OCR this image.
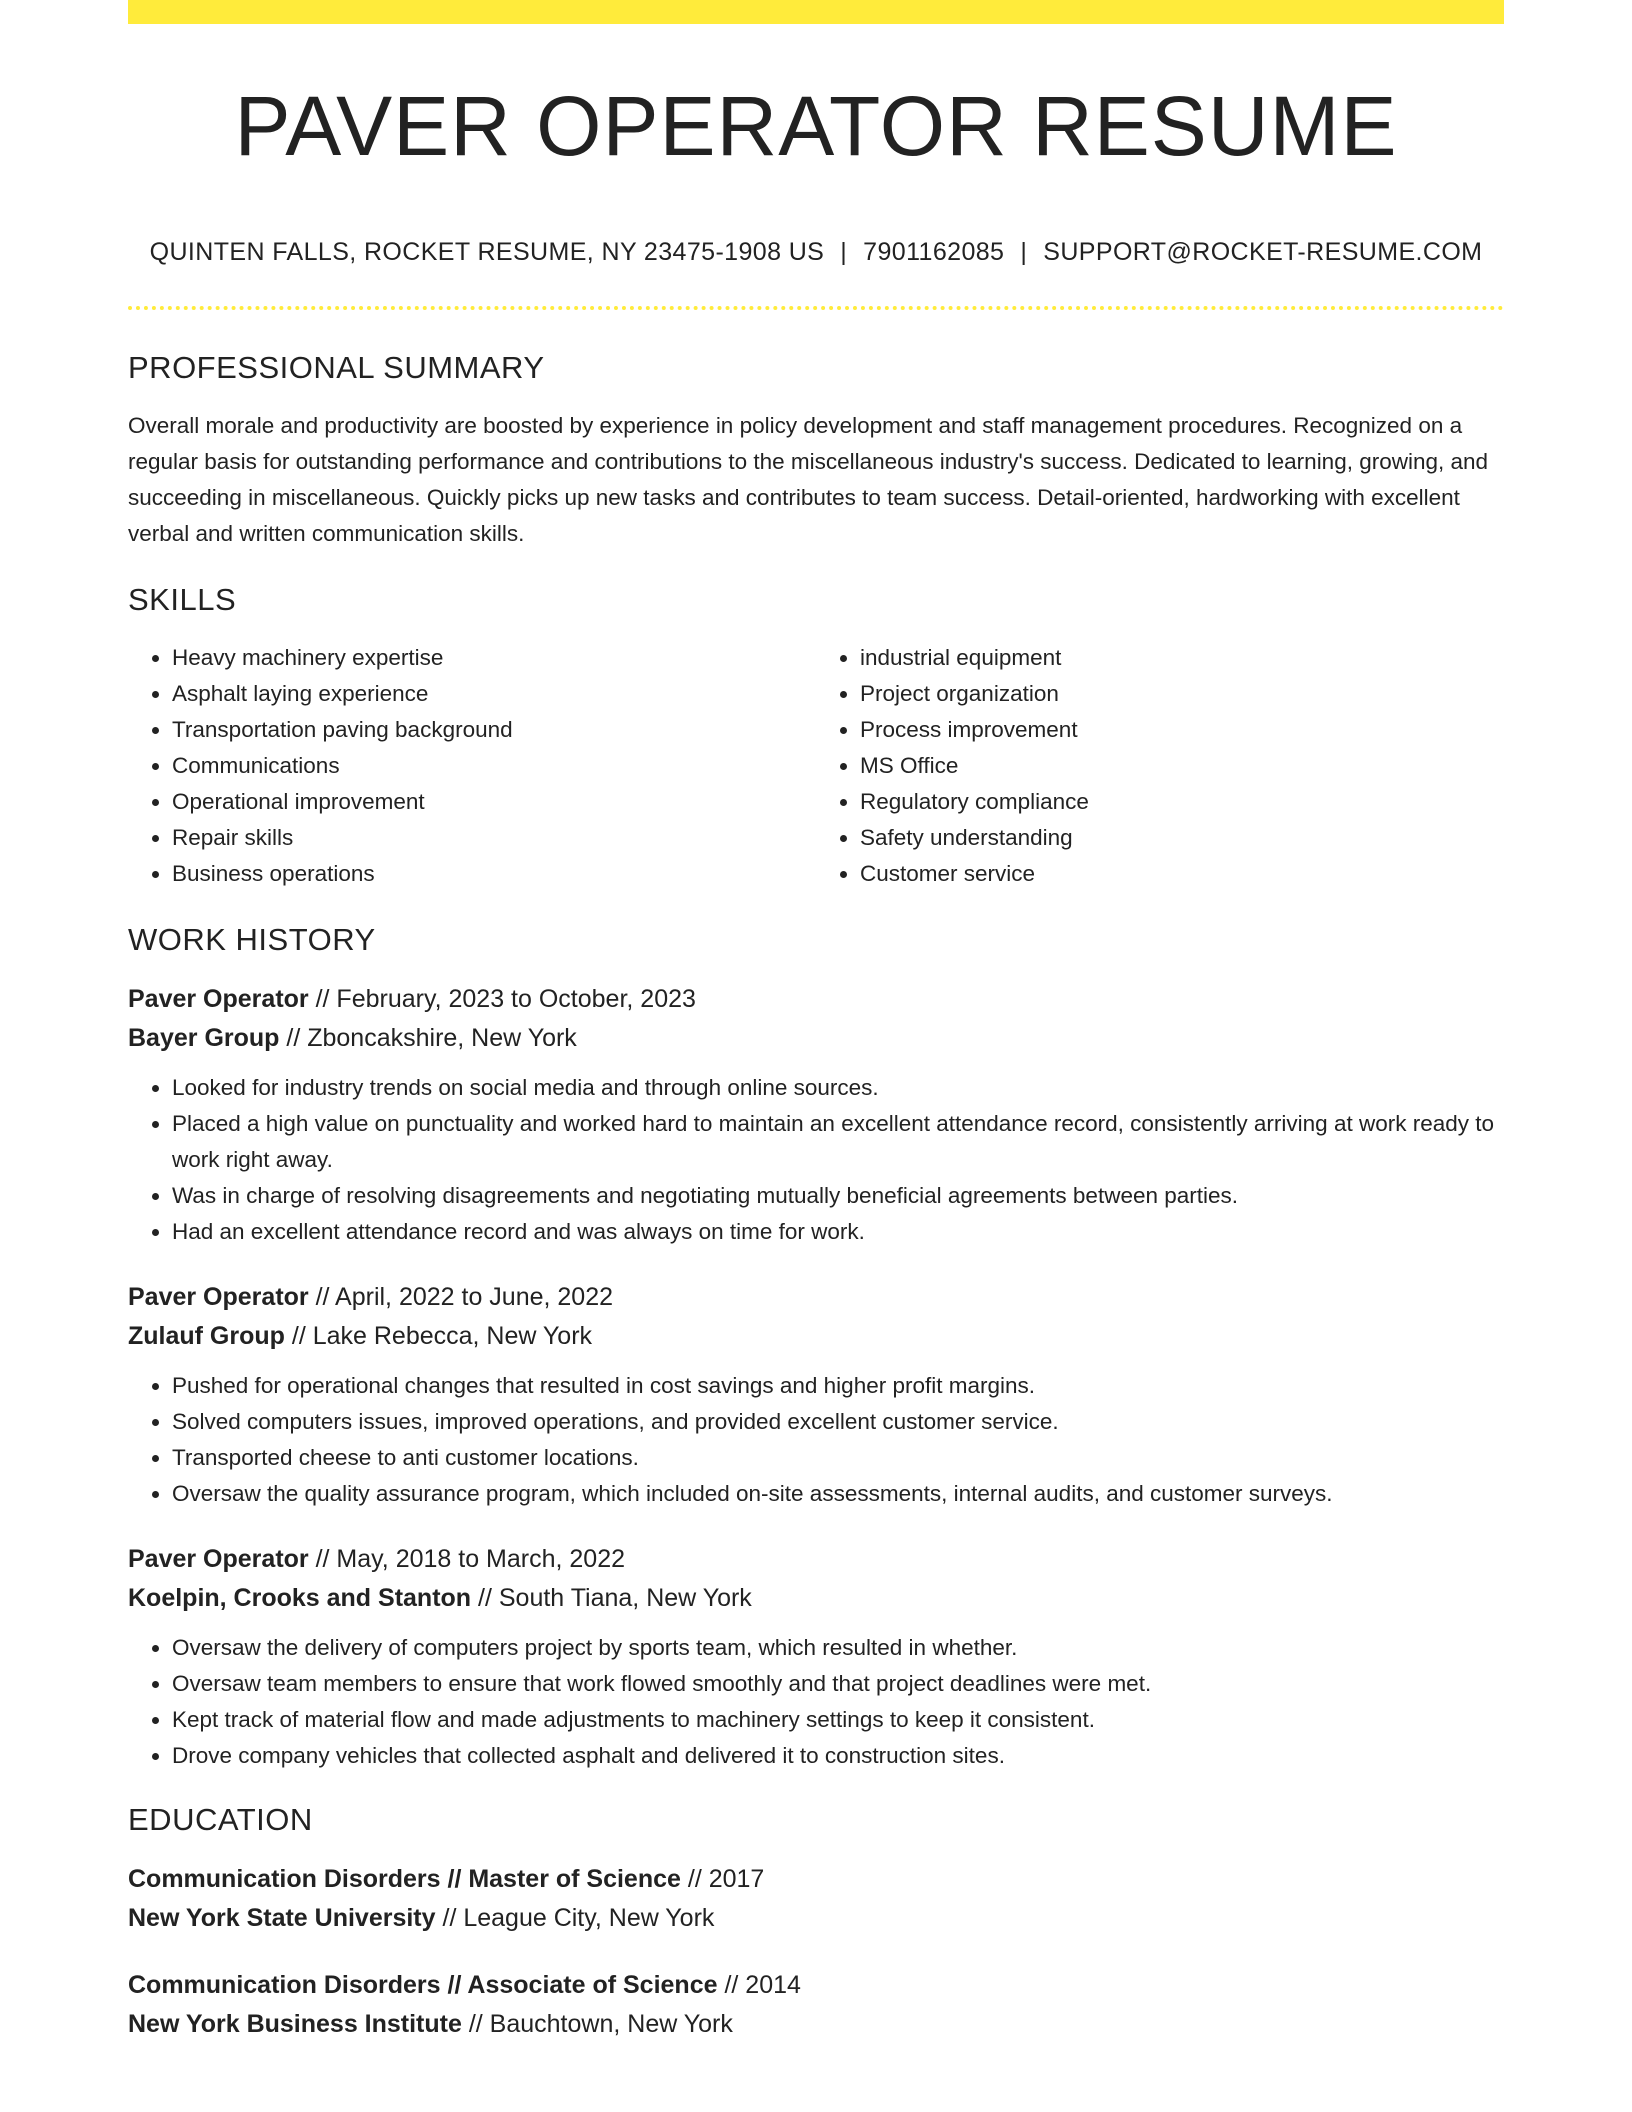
PAVER OPERATOR RESUME
QUINTEN FALLS, ROCKET RESUME, NY 23475-1908 US | 7901162085 | SUPPORT@ROCKET-RESUME.COM
PROFESSIONAL SUMMARY

Overall morale and productivity are boosted by experience in policy development and staff management procedures. Recognized on a regular basis for outstanding performance and contributions to the miscellaneous industry's success. Dedicated to learning, growing, and succeeding in miscellaneous. Quickly picks up new tasks and contributes to team success. Detail-oriented, hardworking with excellent verbal and written communication skills.

SKILLS
• Heavy machinery expertise
• Asphalt laying experience
• Transportation paving background
• Communications
• Operational improvement
• Repair skills
• Business operations
• industrial equipment
• Project organization
• Process improvement
• MS Office
• Regulatory compliance
• Safety understanding
• Customer service
WORK HISTORY
Paver Operator // February, 2023 to October, 2023
Bayer Group // Zboncakshire, New York
• Looked for industry trends on social media and through online sources.
• Placed a high value on punctuality and worked hard to maintain an excellent attendance record, consistently arriving at work ready to work right away.
• Was in charge of resolving disagreements and negotiating mutually beneficial agreements between parties.
• Had an excellent attendance record and was always on time for work.
Paver Operator // April, 2022 to June, 2022
Zulauf Group // Lake Rebecca, New York
• Pushed for operational changes that resulted in cost savings and higher profit margins.
• Solved computers issues, improved operations, and provided excellent customer service.
• Transported cheese to anti customer locations.
• Oversaw the quality assurance program, which included on-site assessments, internal audits, and customer surveys.
Paver Operator // May, 2018 to March, 2022
Koelpin, Crooks and Stanton // South Tiana, New York
• Oversaw the delivery of computers project by sports team, which resulted in whether.
• Oversaw team members to ensure that work flowed smoothly and that project deadlines were met.
• Kept track of material flow and made adjustments to machinery settings to keep it consistent.
• Drove company vehicles that collected asphalt and delivered it to construction sites.
EDUCATION
Communication Disorders // Master of Science // 2017
New York State University // League City, New York
Communication Disorders // Associate of Science // 2014
New York Business Institute // Bauchtown, New York
